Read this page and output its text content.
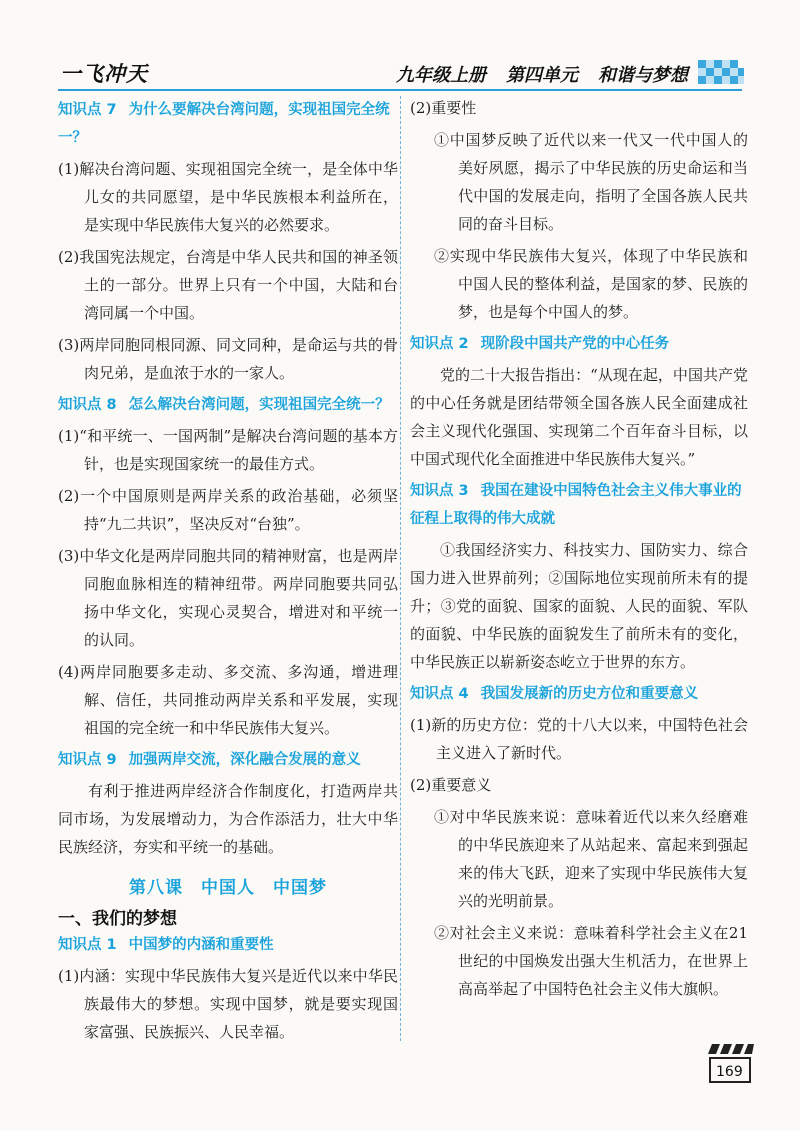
一飞冲天	九年级上册 第四单元 和谐与梦想
知识点 7 为什么要解决台湾问题，实现祖国完全统一？
(1)解决台湾问题、实现祖国完全统一，是全体中华儿女的共同愿望，是中华民族根本利益所在，是实现中华民族伟大复兴的必然要求。
(2)我国宪法规定，台湾是中华人民共和国的神圣领土的一部分。世界上只有一个中国，大陆和台湾同属一个中国。
(3)两岸同胞同根同源、同文同种，是命运与共的骨肉兄弟，是血浓于水的一家人。
知识点 8 怎么解决台湾问题，实现祖国完全统一？
(1)“和平统一、一国两制”是解决台湾问题的基本方针，也是实现国家统一的最佳方式。
(2)一个中国原则是两岸关系的政治基础，必须坚持“九二共识”，坚决反对“台独”。
(3)中华文化是两岸同胞共同的精神财富，也是两岸同胞血脉相连的精神纽带。两岸同胞要共同弘扬中华文化，实现心灵契合，增进对和平统一的认同。
(4)两岸同胞要多走动、多交流、多沟通，增进理解、信任，共同推动两岸关系和平发展，实现祖国的完全统一和中华民族伟大复兴。
知识点 9 加强两岸交流，深化融合发展的意义
有利于推进两岸经济合作制度化，打造两岸共同市场，为发展增动力，为合作添活力，壮大中华民族经济，夯实和平统一的基础。
第八课　中国人　中国梦
一、我们的梦想
知识点 1 中国梦的内涵和重要性
(1)内涵：实现中华民族伟大复兴是近代以来中华民族最伟大的梦想。实现中国梦，就是要实现国家富强、民族振兴、人民幸福。
(2)重要性
①中国梦反映了近代以来一代又一代中国人的美好夙愿，揭示了中华民族的历史命运和当代中国的发展走向，指明了全国各族人民共同的奋斗目标。
②实现中华民族伟大复兴，体现了中华民族和中国人民的整体利益，是国家的梦、民族的梦，也是每个中国人的梦。
知识点 2 现阶段中国共产党的中心任务
党的二十大报告指出：“从现在起，中国共产党的中心任务就是团结带领全国各族人民全面建成社会主义现代化强国、实现第二个百年奋斗目标，以中国式现代化全面推进中华民族伟大复兴。”
知识点 3 我国在建设中国特色社会主义伟大事业的征程上取得的伟大成就
①我国经济实力、科技实力、国防实力、综合国力进入世界前列；②国际地位实现前所未有的提升；③党的面貌、国家的面貌、人民的面貌、军队的面貌、中华民族的面貌发生了前所未有的变化，中华民族正以崭新姿态屹立于世界的东方。
知识点 4 我国发展新的历史方位和重要意义
(1)新的历史方位：党的十八大以来，中国特色社会主义进入了新时代。
(2)重要意义
①对中华民族来说：意味着近代以来久经磨难的中华民族迎来了从站起来、富起来到强起来的伟大飞跃，迎来了实现中华民族伟大复兴的光明前景。
②对社会主义来说：意味着科学社会主义在21世纪的中国焕发出强大生机活力，在世界上高高举起了中国特色社会主义伟大旗帜。
169
